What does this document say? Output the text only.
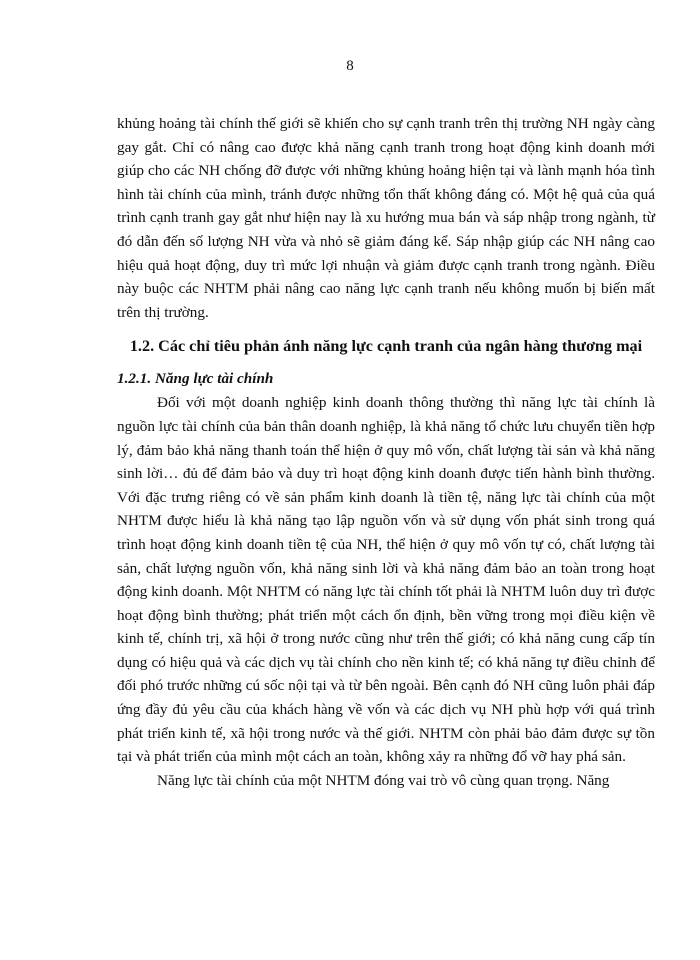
8

khủng hoảng tài chính thế giới sẽ khiến cho sự cạnh tranh trên thị trường NH ngày càng gay gắt. Chỉ có nâng cao được khả năng cạnh tranh trong hoạt động kinh doanh mới giúp cho các NH chống đỡ được với những khủng hoảng hiện tại và lành mạnh hóa tình hình tài chính của mình, tránh được những tổn thất không đáng có. Một hệ quả của quá trình cạnh tranh gay gắt như hiện nay là xu hướng mua bán và sáp nhập trong ngành, từ đó dẫn đến số lượng NH vừa và nhỏ sẽ giảm đáng kể. Sáp nhập giúp các NH nâng cao hiệu quả hoạt động, duy trì mức lợi nhuận và giảm được cạnh tranh trong ngành. Điều này buộc các NHTM phải nâng cao năng lực cạnh tranh nếu không muốn bị biến mất trên thị trường.

1.2. Các chỉ tiêu phản ánh năng lực cạnh tranh của ngân hàng thương mại
1.2.1. Năng lực tài chính

Đối với một doanh nghiệp kinh doanh thông thường thì năng lực tài chính là nguồn lực tài chính của bản thân doanh nghiệp, là khả năng tổ chức lưu chuyển tiền hợp lý, đảm bảo khả năng thanh toán thể hiện ở quy mô vốn, chất lượng tài sản và khả năng sinh lời… đủ để đảm bảo và duy trì hoạt động kinh doanh được tiến hành bình thường. Với đặc trưng riêng có về sản phẩm kinh doanh là tiền tệ, năng lực tài chính của một NHTM được hiểu là khả năng tạo lập nguồn vốn và sử dụng vốn phát sinh trong quá trình hoạt động kinh doanh tiền tệ của NH, thể hiện ở quy mô vốn tự có, chất lượng tài sản, chất lượng nguồn vốn, khả năng sinh lời và khả năng đảm bảo an toàn trong hoạt động kinh doanh. Một NHTM có năng lực tài chính tốt phải là NHTM luôn duy trì được hoạt động bình thường; phát triển một cách ổn định, bền vững trong mọi điều kiện về kinh tế, chính trị, xã hội ở trong nước cũng như trên thế giới; có khả năng cung cấp tín dụng có hiệu quả và các dịch vụ tài chính cho nền kinh tế; có khả năng tự điều chỉnh để đối phó trước những cú sốc nội tại và từ bên ngoài. Bên cạnh đó NH cũng luôn phải đáp ứng đầy đủ yêu cầu của khách hàng về vốn và các dịch vụ NH phù hợp với quá trình phát triển kinh tế, xã hội trong nước và thế giới. NHTM còn phải bảo đảm được sự tồn tại và phát triển của mình một cách an toàn, không xảy ra những đổ vỡ hay phá sản.

Năng lực tài chính của một NHTM đóng vai trò vô cùng quan trọng. Năng
